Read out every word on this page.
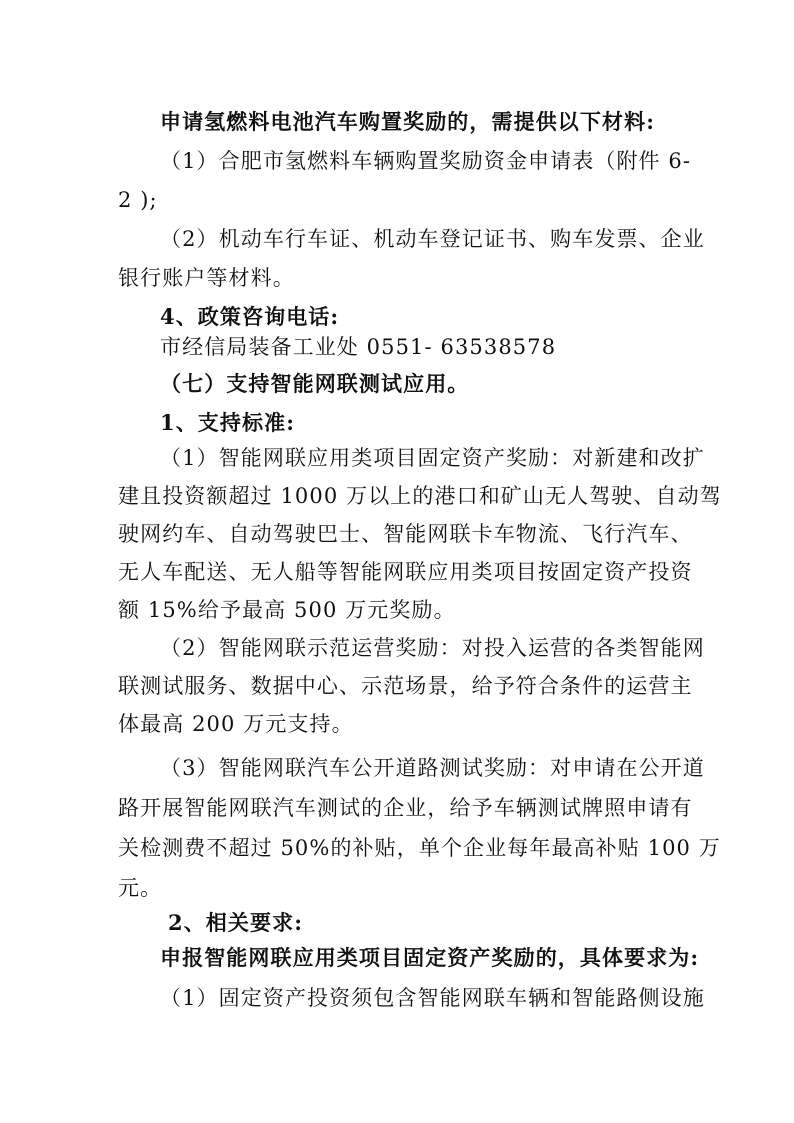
申请氢燃料电池汽车购置奖励的，需提供以下材料:
（1）合肥市氢燃料车辆购置奖励资金申请表（附件 6-
2 );
（2）机动车行车证、机动车登记证书、购车发票、企业
银行账户等材料。
4、政策咨询电话:
市经信局装备工业处 0551- 63538578
（七）支持智能网联测试应用。
1、支持标准:
（1）智能网联应用类项目固定资产奖励：对新建和改扩
建且投资额超过 1000 万以上的港口和矿山无人驾驶、自动驾
驶网约车、自动驾驶巴士、智能网联卡车物流、飞行汽车、
无人车配送、无人船等智能网联应用类项目按固定资产投资
额 15%给予最高 500 万元奖励。
（2）智能网联示范运营奖励：对投入运营的各类智能网
联测试服务、数据中心、示范场景，给予符合条件的运营主
体最高 200 万元支持。
（3）智能网联汽车公开道路测试奖励：对申请在公开道
路开展智能网联汽车测试的企业，给予车辆测试牌照申请有
关检测费不超过 50%的补贴，单个企业每年最高补贴 100 万
元。
2、相关要求:
申报智能网联应用类项目固定资产奖励的，具体要求为:
（1）固定资产投资须包含智能网联车辆和智能路侧设施
